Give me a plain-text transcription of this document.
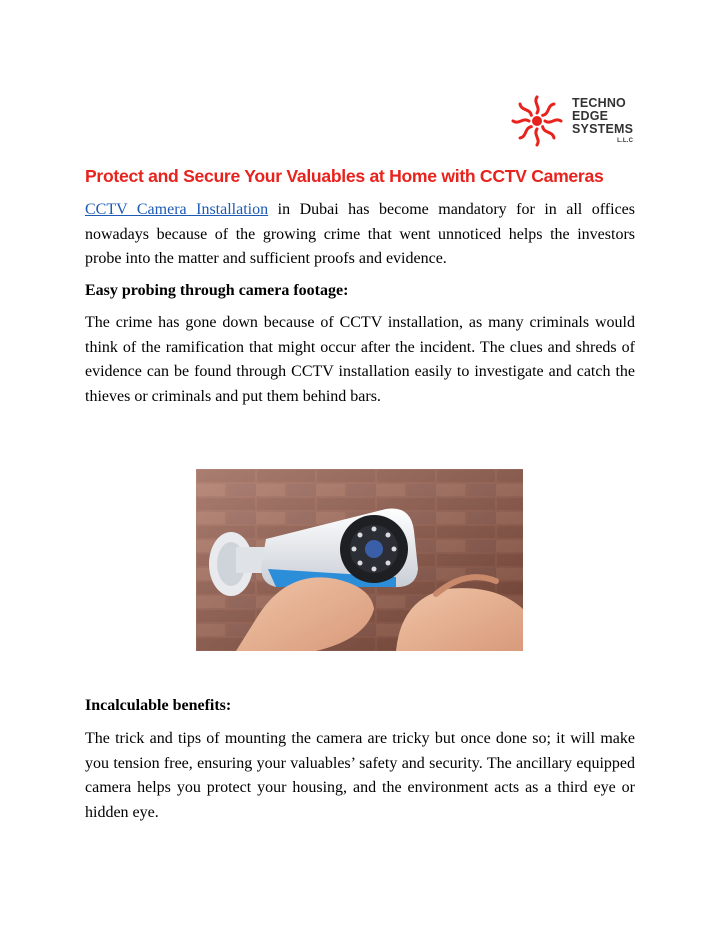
TECHNO
EDGE
SYSTEMS
L.L.C
Protect and Secure Your Valuables at Home with CCTV Cameras

CCTV Camera Installation in Dubai has become mandatory for in all offices nowadays because of the growing crime that went unnoticed helps the investors probe into the matter and sufficient proofs and evidence.

Easy probing through camera footage:

The crime has gone down because of CCTV installation, as many criminals would think of the ramification that might occur after the incident. The clues and shreds of evidence can be found through CCTV installation easily to investigate and catch the thieves or criminals and put them behind bars.

Incalculable benefits:

The trick and tips of mounting the camera are tricky but once done so; it will make you tension free, ensuring your valuables’ safety and security. The ancillary equipped camera helps you protect your housing, and the environment acts as a third eye or hidden eye.
